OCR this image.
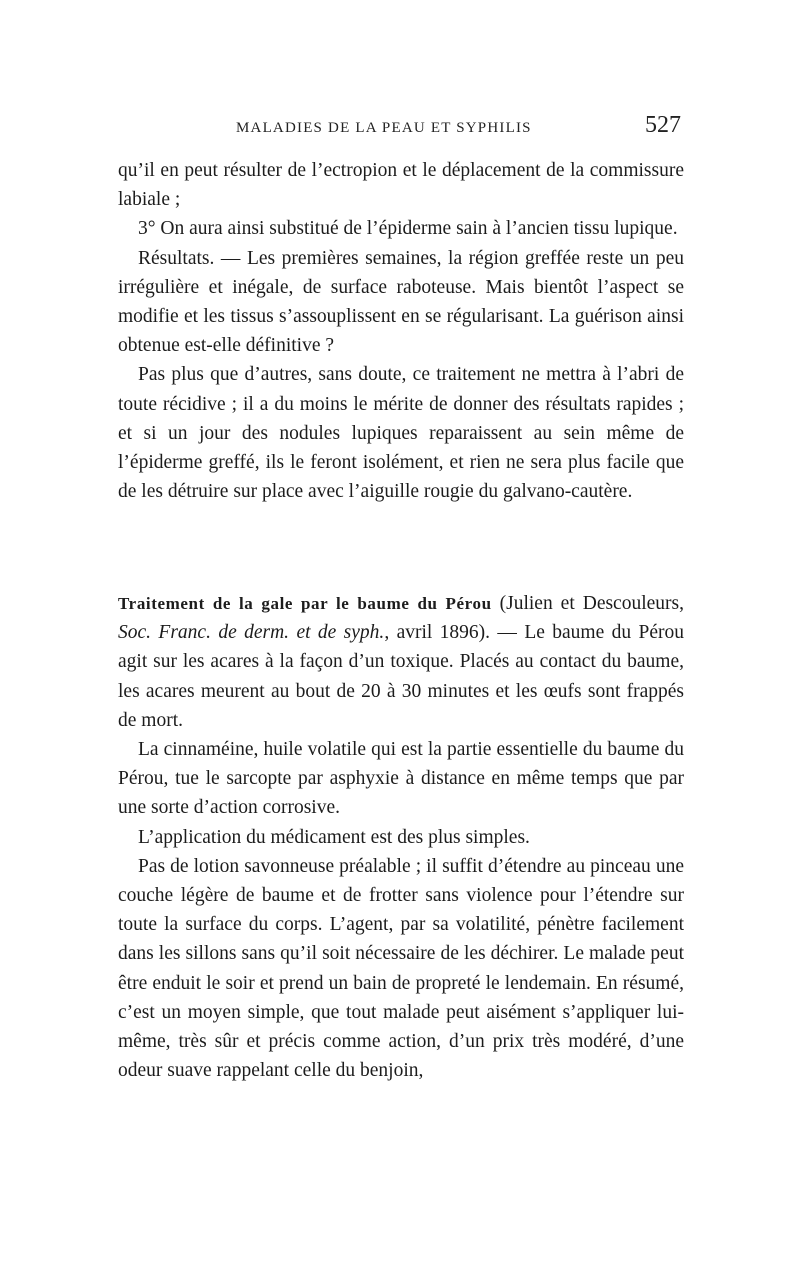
MALADIES DE LA PEAU ET SYPHILIS	527

qu’il en peut résulter de l’ectropion et le déplacement de la commissure labiale ;

3° On aura ainsi substitué de l’épiderme sain à l’ancien tissu lupique.

Résultats. — Les premières semaines, la région greffée reste un peu irrégulière et inégale, de surface raboteuse. Mais bientôt l’aspect se modifie et les tissus s’assouplissent en se régularisant. La guérison ainsi obtenue est-elle définitive ?

Pas plus que d’autres, sans doute, ce traitement ne mettra à l’abri de toute récidive ; il a du moins le mérite de donner des résultats rapides ; et si un jour des nodules lupiques reparaissent au sein même de l’épiderme greffé, ils le feront isolément, et rien ne sera plus facile que de les détruire sur place avec l’aiguille rougie du galvano-cautère.

Traitement de la gale par le baume du Pérou (Julien et Descouleurs, Soc. Franc. de derm. et de syph., avril 1896). — Le baume du Pérou agit sur les acares à la façon d’un toxique. Placés au contact du baume, les acares meurent au bout de 20 à 30 minutes et les œufs sont frappés de mort.

La cinnaméine, huile volatile qui est la partie essentielle du baume du Pérou, tue le sarcopte par asphyxie à distance en même temps que par une sorte d’action corrosive.

L’application du médicament est des plus simples.

Pas de lotion savonneuse préalable ; il suffit d’étendre au pinceau une couche légère de baume et de frotter sans violence pour l’étendre sur toute la surface du corps. L’agent, par sa volatilité, pénètre facilement dans les sillons sans qu’il soit nécessaire de les déchirer. Le malade peut être enduit le soir et prend un bain de propreté le lendemain. En résumé, c’est un moyen simple, que tout malade peut aisément s’appliquer lui-même, très sûr et précis comme action, d’un prix très modéré, d’une odeur suave rappelant celle du benjoin,
